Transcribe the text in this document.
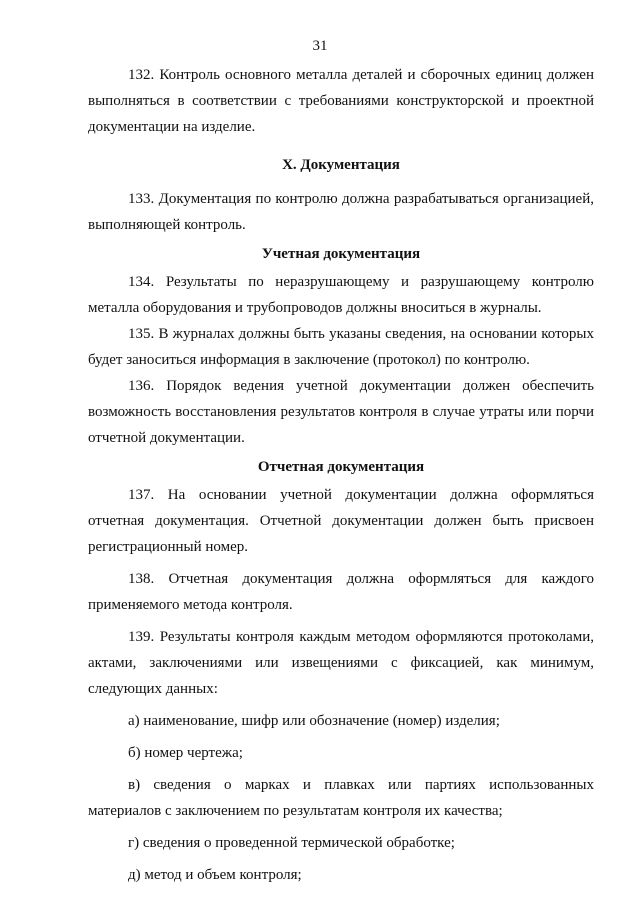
31

132. Контроль основного металла деталей и сборочных единиц должен выполняться в соответствии с требованиями конструкторской и проектной документации на изделие.

X. Документация

133. Документация по контролю должна разрабатываться организацией, выполняющей контроль.

Учетная документация

134. Результаты по неразрушающему и разрушающему контролю металла оборудования и трубопроводов должны вноситься в журналы.

135. В журналах должны быть указаны сведения, на основании которых будет заноситься информация в заключение (протокол) по контролю.

136. Порядок ведения учетной документации должен обеспечить возможность восстановления результатов контроля в случае утраты или порчи отчетной документации.

Отчетная документация

137. На основании учетной документации должна оформляться отчетная документация. Отчетной документации должен быть присвоен регистрационный номер.

138. Отчетная документация должна оформляться для каждого применяемого метода контроля.

139. Результаты контроля каждым методом оформляются протоколами, актами, заключениями или извещениями с фиксацией, как минимум, следующих данных:

а) наименование, шифр или обозначение (номер) изделия;

б) номер чертежа;

в) сведения о марках и плавках или партиях использованных материалов с заключением по результатам контроля их качества;

г) сведения о проведенной термической обработке;

д) метод и объем контроля;
